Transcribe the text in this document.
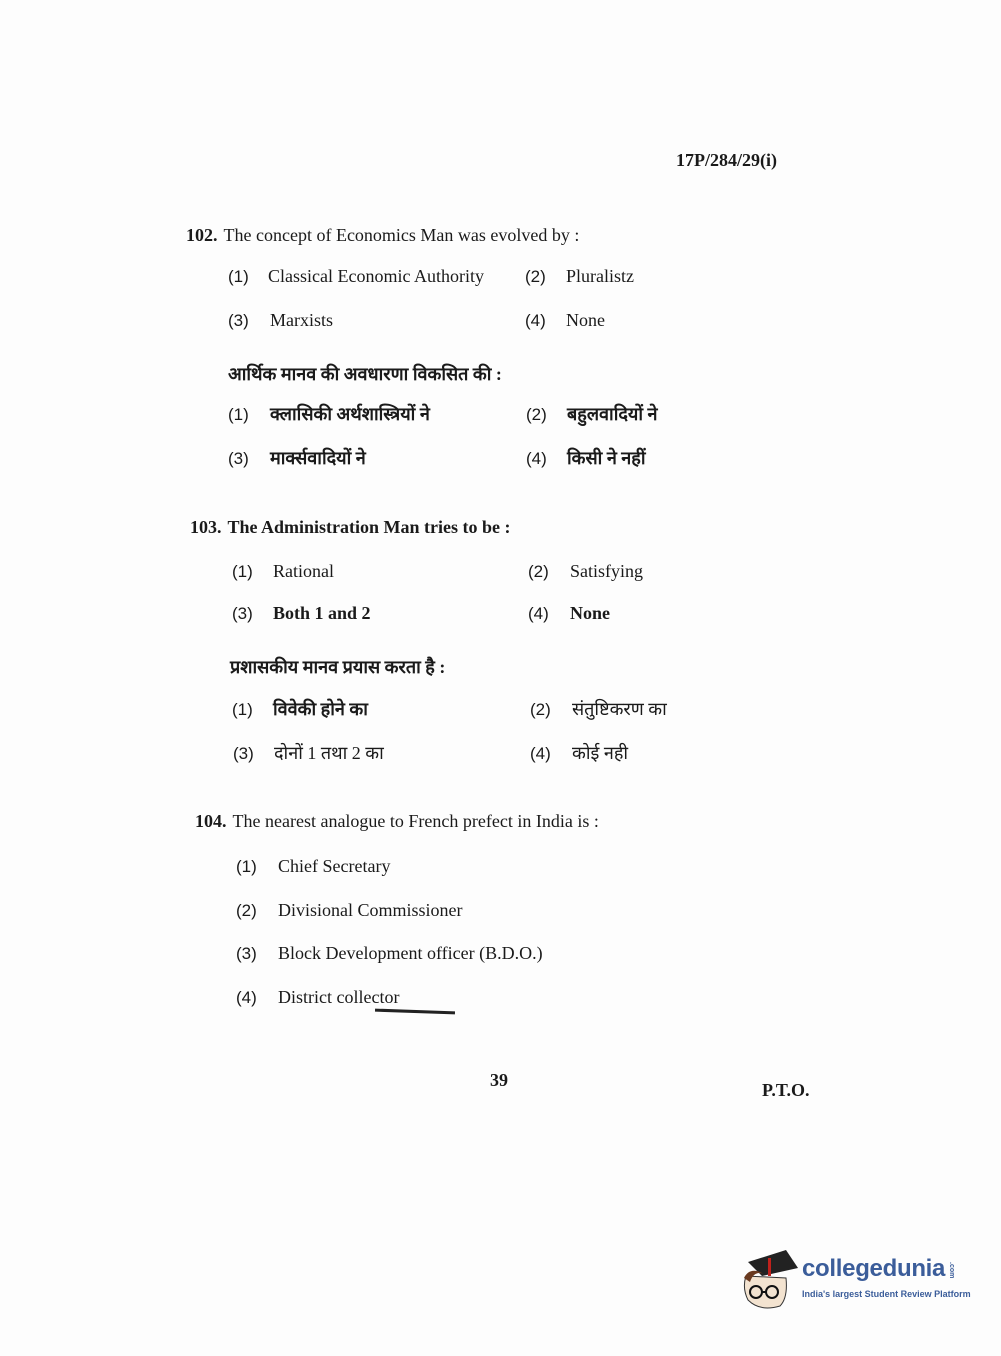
17P/284/29(i)
102. The concept of Economics Man was evolved by :
(1)	Classical Economic Authority	(2)	Pluralistz
(3)	Marxists	(4)	None
आर्थिक मानव की अवधारणा विकसित की :
(1)	क्लासिकी अर्थशास्त्रियों ने	(2)	बहुलवादियों ने
(3)	मार्क्सवादियों ने	(4)	किसी ने नहीं
103. The Administration Man tries to be :
(1)	Rational	(2)	Satisfying
(3)	Both 1 and 2	(4)	None
प्रशासकीय मानव प्रयास करता है :
(1)	विवेकी होने का	(2)	संतुष्टिकरण का
(3)	दोनों 1 तथा 2 का	(4)	कोई नही
104. The nearest analogue to French prefect in India is :
(1)	Chief Secretary
(2)	Divisional Commissioner
(3)	Block Development officer (B.D.O.)
(4)	District collector
39	P.T.O.
collegedunia .com
India's largest Student Review Platform
